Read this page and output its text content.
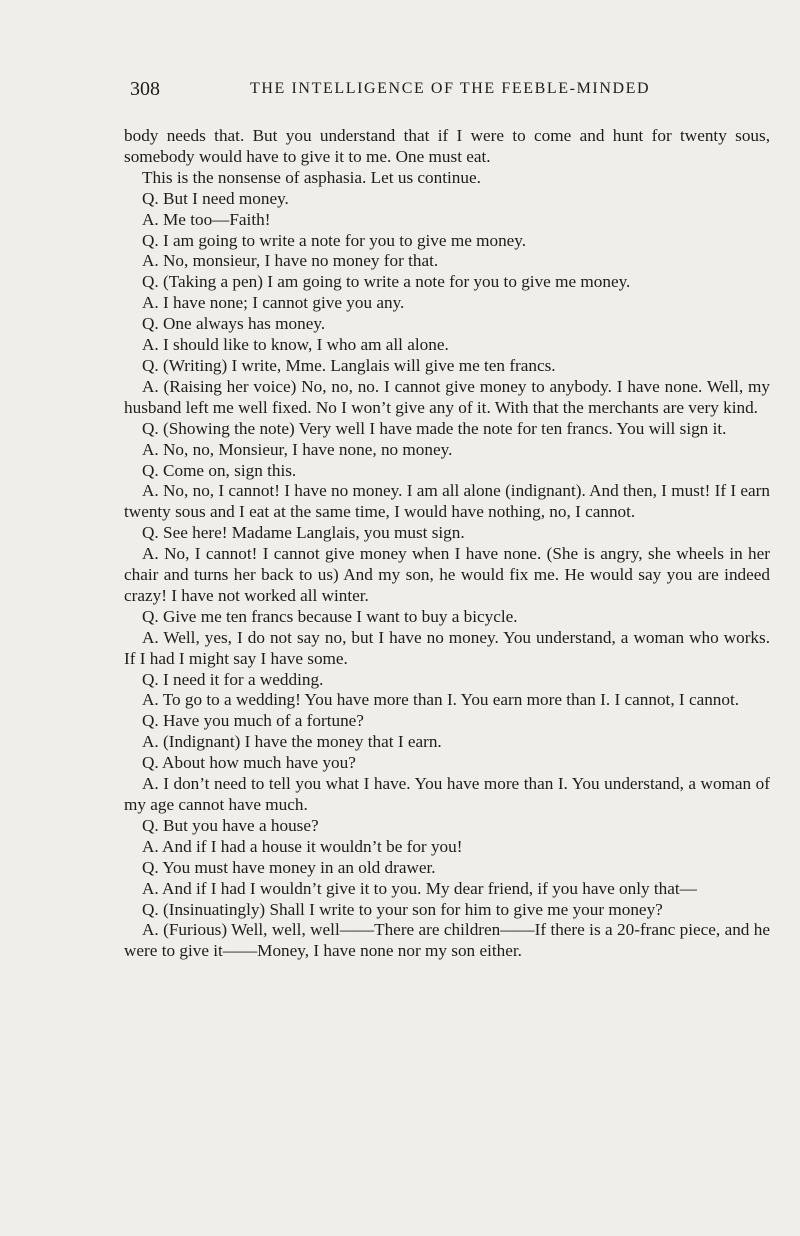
308	THE INTELLIGENCE OF THE FEEBLE-MINDED

body needs that. But you understand that if I were to come and hunt for twenty sous, somebody would have to give it to me. One must eat.

This is the nonsense of asphasia. Let us continue.

Q. But I need money.

A. Me too—Faith!

Q. I am going to write a note for you to give me money.

A. No, monsieur, I have no money for that.

Q. (Taking a pen) I am going to write a note for you to give me money.

A. I have none; I cannot give you any.

Q. One always has money.

A. I should like to know, I who am all alone.

Q. (Writing) I write, Mme. Langlais will give me ten francs.

A. (Raising her voice) No, no, no. I cannot give money to anybody. I have none. Well, my husband left me well fixed. No I won’t give any of it. With that the merchants are very kind.

Q. (Showing the note) Very well I have made the note for ten francs. You will sign it.

A. No, no, Monsieur, I have none, no money.

Q. Come on, sign this.

A. No, no, I cannot! I have no money. I am all alone (indignant). And then, I must! If I earn twenty sous and I eat at the same time, I would have nothing, no, I cannot.

Q. See here! Madame Langlais, you must sign.

A. No, I cannot! I cannot give money when I have none. (She is angry, she wheels in her chair and turns her back to us) And my son, he would fix me. He would say you are indeed crazy! I have not worked all winter.

Q. Give me ten francs because I want to buy a bicycle.

A. Well, yes, I do not say no, but I have no money. You understand, a woman who works. If I had I might say I have some.

Q. I need it for a wedding.

A. To go to a wedding! You have more than I. You earn more than I. I cannot, I cannot.

Q. Have you much of a fortune?

A. (Indignant) I have the money that I earn.

Q. About how much have you?

A. I don’t need to tell you what I have. You have more than I. You understand, a woman of my age cannot have much.

Q. But you have a house?

A. And if I had a house it wouldn’t be for you!

Q. You must have money in an old drawer.

A. And if I had I wouldn’t give it to you. My dear friend, if you have only that—

Q. (Insinuatingly) Shall I write to your son for him to give me your money?

A. (Furious) Well, well, well——There are children——If there is a 20-franc piece, and he were to give it——Money, I have none nor my son either.
